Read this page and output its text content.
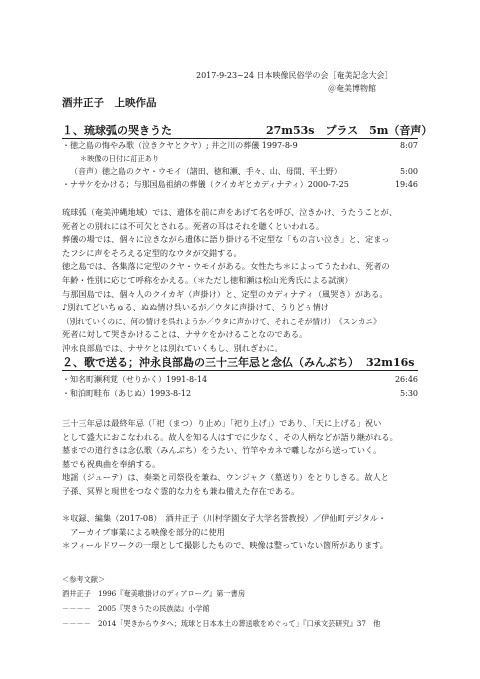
2017-9-23~24 日本映像民俗学の会［奄美記念大会］
＠奄美博物館
酒井正子　上映作品
１、琉球弧の哭きうた	27m53s　プラス　5m（音声）
・徳之島の悔やみ歌（泣きクヤとクヤ）; 井之川の葬儀 1997-8-9	8:07
＊映像の日付に訂正あり
（音声）徳之島のクヤ・ウモイ（諸田、徳和瀬、手々、山、母間、平土野）	5:00
・ナサケをかける；与那国島祖納の葬儀（クイカギとカディナティ）2000-7-25	19:46
琉球弧（奄美沖縄地域）では、遺体を前に声をあげて名を呼び、泣きかけ、うたうことが、
死者との別れには不可欠とされる。死者の耳はそれを聴くといわれる。
葬儀の場では、個々に泣きながら遺体に語り掛ける不定型な「もの言い泣き」と、定まっ
たフシに声をそろえる定型的なウタが交錯する。
徳之島では、各集落に定型のクヤ・ウモイがある。女性たち＊によってうたわれ、死者の
年齢・性別に応じて呼称をかえる。（＊ただし徳和瀬は松山光秀氏による試演）
与那国島では、個々人のクイカギ（声掛け）と、定型のカディナティ（風哭き）がある。
♪別れてどいちゅる、ぬぬ情け呉いるが／ウタに声掛けて、うりどぅ情け
（別れていくのに、何の情けを呉れようか／ウタに声かけて、それこそが情け）　《スンカニ》
死者に対して哭きかけることは、ナサケをかけることなのである。
沖永良部島では、ナサケとは別れていくもし、別れぎわに。
２、歌で送る；沖永良部島の三十三年忌と念仏（みんぶち） 32m16s
・知名町瀬利覚（せりかく）1991-8-14	26:46
・和泊町畦布（あじぬ）1993-8-12	5:30
三十三年忌は最終年忌（「祀（まつ）り止め」「祀り上げ」）であり、「天に上げる」祝い
として盛大におこなわれる。故人を知る人はすでに少なく、その人柄などが語り継がれる。
墓までの道行きは念仏歌（みんぶち）をうたい、竹竿やカネで囃しながら送っていく。
墓でも祝典曲を奉納する。
地謡（ジューテ）は、奏楽と司祭役を兼ね、ウンジャク（墓送り）をとりしきる。故人と
子孫、冥界と現世をつなぐ霊的な力をも兼ね備えた存在である。
＊収録、編集（2017-08）　酒井正子（川村学園女子大学名誉教授）／伊仙町デジタル・
　アーカイブ事業による映像を部分的に使用
＊フィールドワークの一環として撮影したもので、映像は整っていない箇所があります。
＜参考文献＞
酒井正子　1996『奄美歌掛けのディアローグ』第一書房
－－－－　2005『哭きうたの民族誌』小学館
－－－－　2014「哭きからウタへ；琉球と日本本土の葬送歌をめぐって」『口承文芸研究』37　他
